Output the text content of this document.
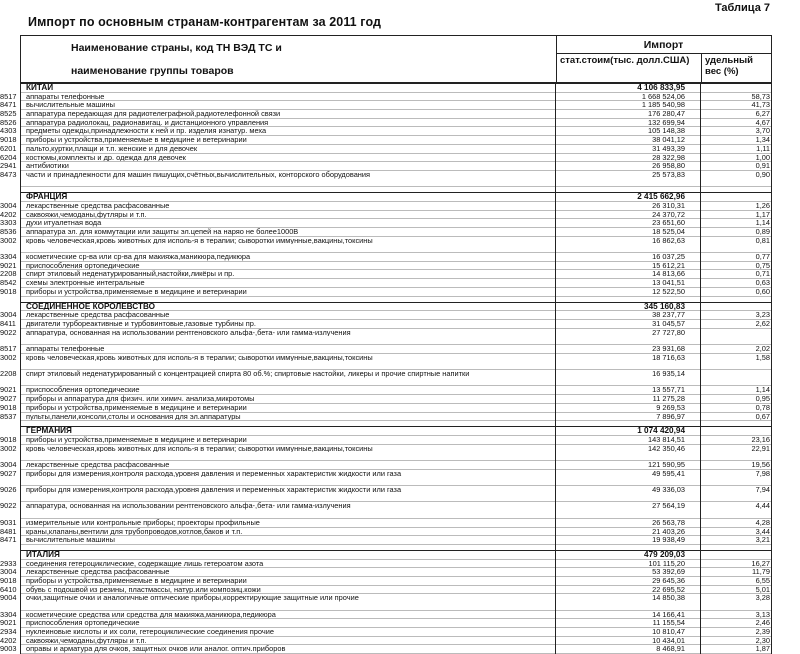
Таблица 7
Импорт по основным странам-контрагентам за 2011 год
Наименование страны, код ТН ВЭД ТС и
наименование группы товаров
Импорт
стат.стоим(тыс. долл.США)	удельный вес (%)
КИТАЙ	4 106 833,95
8517	аппараты телефонные	1 668 524,06	58,73
8471	вычислительные машины	1 185 540,98	41,73
8525	аппаратура передающая для радиотелеграфной,радиотелефонной связи	176 280,47	6,27
8526	аппаратура радиолокац, радионавигац. и дистанционного управления	132 699,94	4,67
4303	предметы одежды,принадлежности к ней и пр. изделия изнатур. меха	105 148,38	3,70
9018	приборы и устройства,применяемые в медицине и ветеринарии	38 041,12	1,34
6201	пальто,куртки,плащи и т.п. женские и для девочек	31 493,39	1,11
6204	костюмы,комплекты и др. одежда для девочек	28 322,98	1,00
2941	антибиотики	26 958,80	0,91
8473	части и принадлежности для машин пишущих,счётных,вычислительных, конторского оборудования	25 573,83	0,90
ФРАНЦИЯ	2 415 662,96
3004	лекарственные средства расфасованные	26 310,31	1,26
4202	саквояжи,чемоданы,футляры и т.п.	24 370,72	1,17
3303	духи итуалетная вода	23 651,60	1,14
8536	аппаратура эл. для коммутации или защиты эл.цепей на наряо не более1000В	18 525,04	0,89
3002	кровь человеческая,кровь животных для исполь-я в терапии; сыворотки иммунные,вакцины,токсины	16 862,63	0,81
3304	косметические ср-ва или ср-ва для макияжа,маникюра,педикюра	16 037,25	0,77
9021	приспособления ортопедические	15 612,21	0,75
2208	спирт этиловый неденатурированный,настойки,ликёры и пр.	14 813,66	0,71
8542	схемы электронные интегральные	13 041,51	0,63
9018	приборы и устройства,применяемые в медицине и ветеринарии	12 522,50	0,60
СОЕДИНЁННОЕ КОРОЛЕВСТВО	345 160,83
3004	лекарственные средства расфасованные	38 237,77	3,23
8411	двигатели турбореактивные и турбовинтовые,газовые турбины пр.	31 045,57	2,62
9022	аппаратура, основанная на использовании рентгеновского альфа-,бета- или гамма-излучения	27 727,80
8517	аппараты телефонные	23 931,68	2,02
3002	кровь человеческая,кровь животных для исполь-я в терапии; сыворотки иммунные,вакцины,токсины	18 716,63	1,58
2208	спирт этиловый неденатурированный с концентрацией спирта 80 об.%; спиртовые настойки, ликеры и прочие спиртные напитки	16 935,14
9021	приспособления ортопедические	13 557,71	1,14
9027	приборы и аппаратура для физич. или химич. анализа,микротомы	11 275,28	0,95
9018	приборы и устройства,применяемые в медицине и ветеринарии	9 269,53	0,78
8537	пульты,панели,консоли,столы и основания для эл.аппаратуры	7 896,97	0,67
ГЕРМАНИЯ	1 074 420,94
9018	приборы и устройства,применяемые в медицине и ветеринарии	143 814,51	23,16
3002	кровь человеческая,кровь животных для исполь-я в терапии; сыворотки иммунные,вакцины,токсины	142 350,46	22,91
3004	лекарственные средства расфасованные	121 590,95	19,56
9027	приборы для измерения,контроля расхода,уровня давления и переменных характеристик жидкости или газа	49 595,41	7,98
9026	приборы для измерения,контроля расхода,уровня давления и переменных характеристик жидкости или газа	49 336,03	7,94
9022	аппаратура, основанная на использовании рентгеновского альфа-,бета- или гамма-излучения	27 564,19	4,44
9031	измерительные или контрольные приборы; проекторы профильные	26 563,78	4,28
8481	краны,клапаны,вентили для трубопроводов,котлов,баков и т.п.	21 403,26	3,44
8471	вычислительные машины	19 938,49	3,21
ИТАЛИЯ	479 209,03
2933	соединения гетероциклические, содержащие лишь гетероатом азота	101 115,20	16,27
3004	лекарственные средства расфасованные	53 392,69	11,79
9018	приборы и устройства,применяемые в медицине и ветеринарии	29 645,36	6,55
6410	обувь с подошвой из резины, пластмассы, натур.или композиц.кожи	22 695,52	5,01
9004	очки,защитные очки и аналогичные оптические приборы,корректирующие защитные или прочие	14 850,38	3,28
3304	косметические средства или средства для макияжа,маникюра,педикюра	14 166,41	3,13
9021	приспособления ортопедические	11 155,54	2,46
2934	нуклеиновые кислоты и их соли, гетероциклические соединения прочие	10 810,47	2,39
4202	саквояжи,чемоданы,футляры и т.п.	10 434,01	2,30
9003	оправы и арматура для очков, защитных очков или аналог. оптич.приборов	8 468,91	1,87
